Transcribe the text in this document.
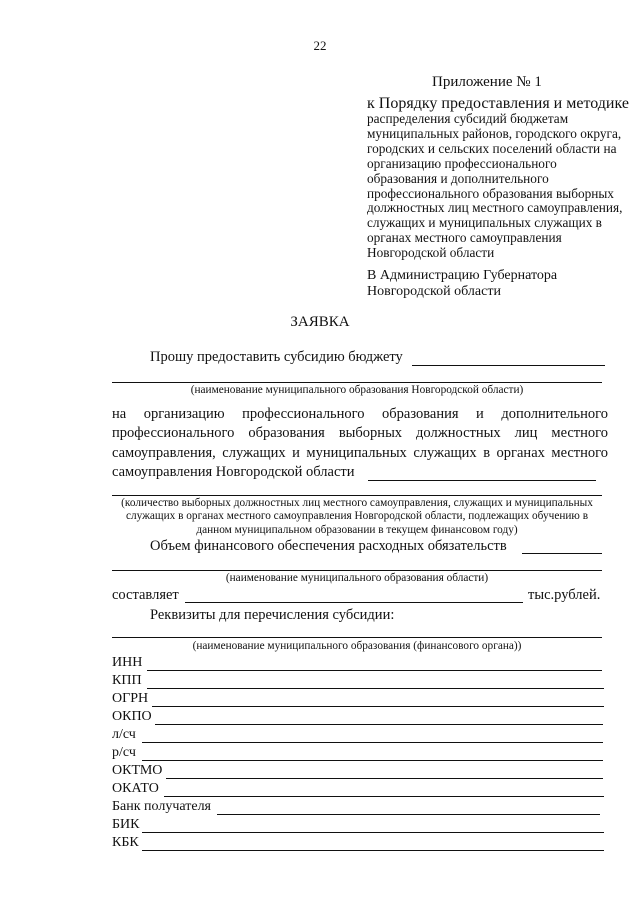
22
Приложение № 1
к Порядку предоставления и методике
распределения субсидий бюджетам муниципальных районов, городского округа, городских и сельских поселений области на организацию профессионального образования и дополнительного профессионального образования выборных должностных лиц местного самоуправления, служащих и муниципальных служащих в органах местного самоуправления Новгородской области
В Администрацию Губернатора
Новгородской области
ЗАЯВКА
Прошу предоставить субсидию бюджету
(наименование муниципального образования Новгородской области)
на организацию профессионального образования и дополнительного профессионального образования выборных должностных лиц местного самоуправления, служащих и муниципальных служащих в органах местного самоуправления Новгородской области
(количество выборных должностных лиц местного самоуправления, служащих и муниципальных служащих в органах местного самоуправления Новгородской области, подлежащих обучению в данном муниципальном образовании в текущем финансовом году)
Объем финансового обеспечения расходных обязательств
(наименование муниципального образования области)
составляет	тыс.рублей.
Реквизиты для перечисления субсидии:
(наименование муниципального образования (финансового органа))
ИНН
КПП
ОГРН
ОКПО
л/сч
р/сч
ОКТМО
ОКАТО
Банк получателя
БИК
КБК
